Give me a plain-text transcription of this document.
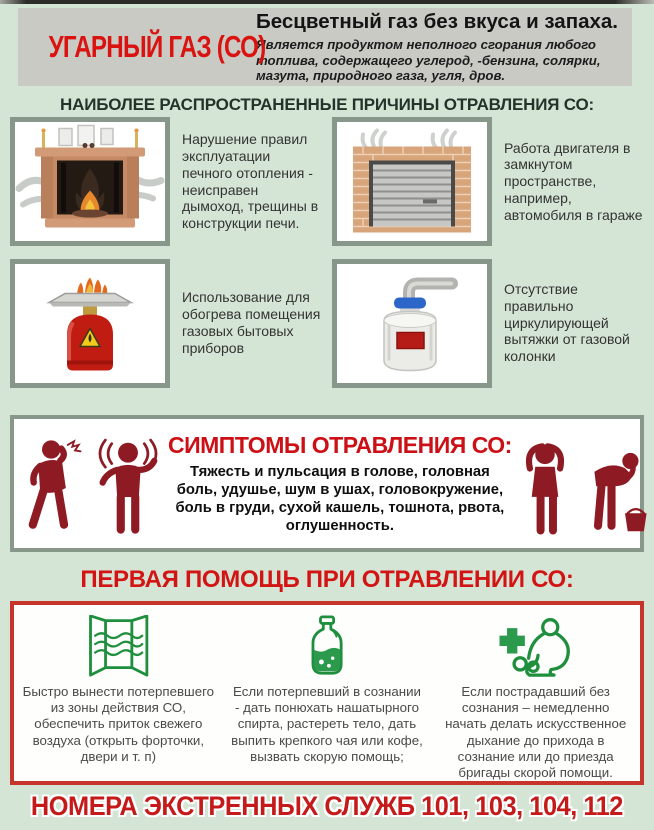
УГАРНЫЙ ГАЗ (СО)
Бесцветный газ без вкуса и запаха.
Является продуктом неполного сгорания любого топлива, содержащего углерод, -бензина, солярки, мазута, природного газа, угля, дров.
НАИБОЛЕЕ РАСПРОСТРАНЕННЫЕ ПРИЧИНЫ ОТРАВЛЕНИЯ СО:
Нарушение правил эксплуатации печного отопления - неисправен дымоход, трещины в конструкции печи.
Работа двигателя в замкнутом пространстве, например, автомобиля в гараже
Использование для обогрева помещения газовых бытовых приборов
Отсутствие правильно циркулирующей вытяжки от газовой колонки
СИМПТОМЫ ОТРАВЛЕНИЯ СО:
Тяжесть и пульсация в голове, головная боль, удушье, шум в ушах, головокружение, боль в груди, сухой кашель, тошнота, рвота, оглушенность.
ПЕРВАЯ ПОМОЩЬ ПРИ ОТРАВЛЕНИИ СО:
Быстро вынести потерпевшего из зоны действия СО, обеспечить приток свежего воздуха (открыть форточки, двери и т. п)
Если потерпевший в сознании - дать понюхать нашатырного спирта, растереть тело, дать выпить крепкого чая или кофе, вызвать скорую помощь;
Если пострадавший без сознания – немедленно начать делать искусственное дыхание до прихода в сознание или до приезда бригады скорой помощи.
НОМЕРА ЭКСТРЕННЫХ СЛУЖБ 101, 103, 104, 112
